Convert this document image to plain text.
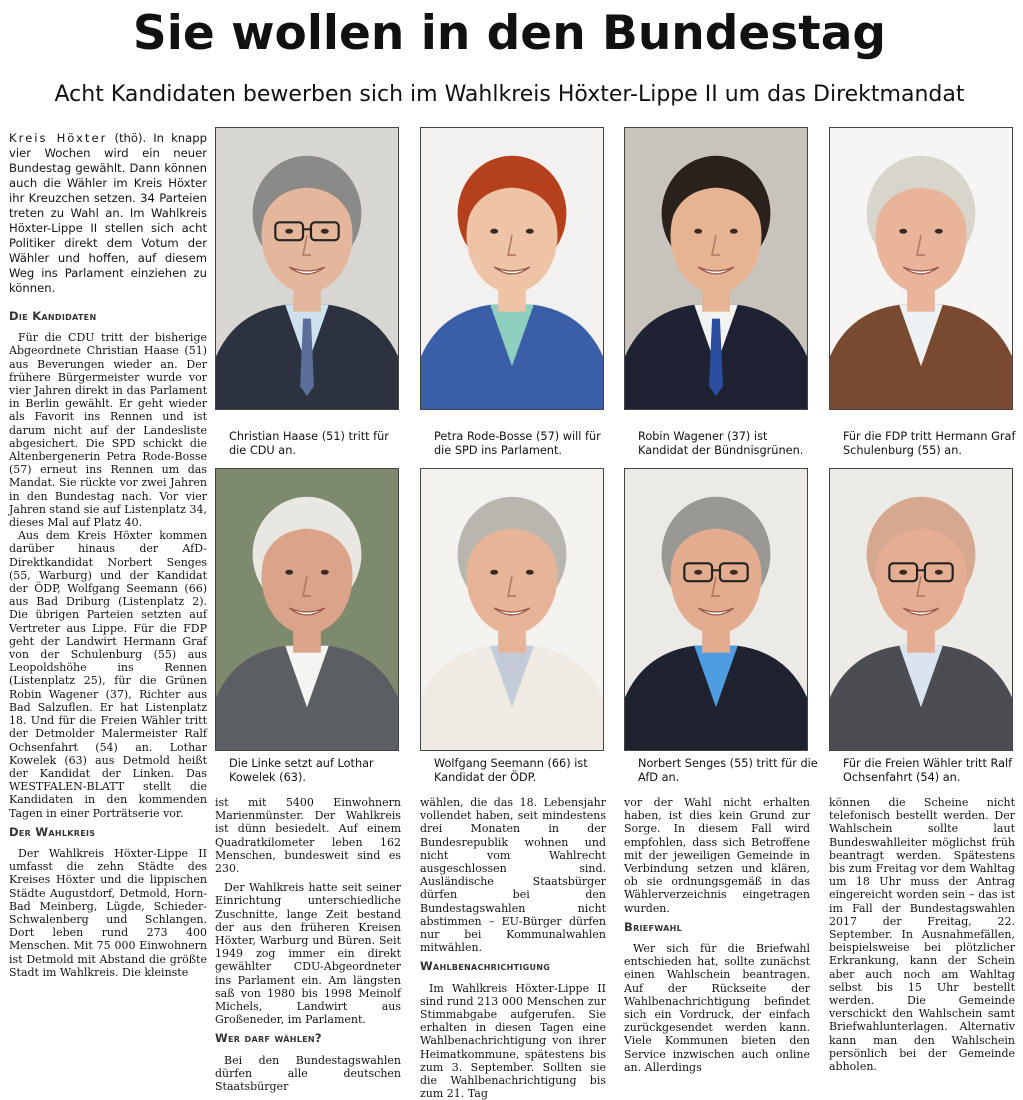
Sie wollen in den Bundestag
Acht Kandidaten bewerben sich im Wahlkreis Höxter-Lippe II um das Direktmandat

Kreis Höxter (thö). In knapp vier Wochen wird ein neuer Bundestag gewählt. Dann können auch die Wähler im Kreis Höxter ihr Kreuzchen setzen. 34 Parteien treten zu Wahl an. Im Wahlkreis Höxter-Lippe II stellen sich acht Politiker direkt dem Votum der Wähler und hoffen, auf diesem Weg ins Parlament einziehen zu können.

Die Kandidaten

Für die CDU tritt der bisherige Abgeordnete Christian Haase (51) aus Beverungen wieder an. Der frühere Bürgermeister wurde vor vier Jahren direkt in das Parlament in Berlin gewählt. Er geht wieder als Favorit ins Rennen und ist darum nicht auf der Landesliste abgesichert. Die SPD schickt die Altenbergenerin Petra Rode-Bosse (57) erneut ins Rennen um das Mandat. Sie rückte vor zwei Jahren in den Bundestag nach. Vor vier Jahren stand sie auf Listenplatz 34, dieses Mal auf Platz 40.

Aus dem Kreis Höxter kommen darüber hinaus der AfD-Direktkandidat Norbert Senges (55, Warburg) und der Kandidat der ÖDP, Wolfgang Seemann (66) aus Bad Driburg (Listenplatz 2). Die übrigen Parteien setzten auf Vertreter aus Lippe. Für die FDP geht der Landwirt Hermann Graf von der Schulenburg (55) aus Leopoldshöhe ins Rennen (Listenplatz 25), für die Grünen Robin Wagener (37), Richter aus Bad Salzuflen. Er hat Listenplatz 18. Und für die Freien Wähler tritt der Detmolder Malermeister Ralf Ochsenfahrt (54) an. Lothar Kowelek (63) aus Detmold heißt der Kandidat der Linken. Das WESTFALEN-BLATT stellt die Kandidaten in den kommenden Tagen in einer Porträtserie vor.

Der Wahlkreis

Der Wahlkreis Höxter-Lippe II umfasst die zehn Städte des Kreises Höxter und die lippischen Städte Augustdorf, Detmold, Horn-Bad Meinberg, Lügde, Schieder-Schwalenberg und Schlangen. Dort leben rund 273 400 Menschen. Mit 75 000 Einwohnern ist Detmold mit Abstand die größte Stadt im Wahlkreis. Die kleinste

Christian Haase (51) tritt für die CDU an.
Petra Rode-Bosse (57) will für die SPD ins Parlament.
Robin Wagener (37) ist Kandidat der Bündnisgrünen.
Für die FDP tritt Hermann Graf Schulenburg (55) an.
Die Linke setzt auf Lothar Kowelek (63).
Wolfgang Seemann (66) ist Kandidat der ÖDP.
Norbert Senges (55) tritt für die AfD an.
Für die Freien Wähler tritt Ralf Ochsenfahrt (54) an.

ist mit 5400 Einwohnern Marienmünster. Der Wahlkreis ist dünn besiedelt. Auf einem Quadratkilometer leben 162 Menschen, bundesweit sind es 230.

Der Wahlkreis hatte seit seiner Einrichtung unterschiedliche Zuschnitte, lange Zeit bestand der aus den früheren Kreisen Höxter, Warburg und Büren. Seit 1949 zog immer ein direkt gewählter CDU-Abgeordneter ins Parlament ein. Am längsten saß von 1980 bis 1998 Meinolf Michels, Landwirt aus Großeneder, im Parlament.

Wer darf wählen?

Bei den Bundestagswahlen dürfen alle deutschen Staatsbürger

wählen, die das 18. Lebensjahr vollendet haben, seit mindestens drei Monaten in der Bundesrepublik wohnen und nicht vom Wahlrecht ausgeschlossen sind. Ausländische Staatsbürger dürfen bei den Bundestagswahlen nicht abstimmen – EU-Bürger dürfen nur bei Kommunalwahlen mitwählen.

Wahlbenachrichtigung

Im Wahlkreis Höxter-Lippe II sind rund 213 000 Menschen zur Stimmabgabe aufgerufen. Sie erhalten in diesen Tagen eine Wahlbenachrichtigung von ihrer Heimatkommune, spätestens bis zum 3. September. Sollten sie die Wahlbenachrichtigung bis zum 21. Tag

vor der Wahl nicht erhalten haben, ist dies kein Grund zur Sorge. In diesem Fall wird empfohlen, dass sich Betroffene mit der jeweiligen Gemeinde in Verbindung setzen und klären, ob sie ordnungsgemäß in das Wählerverzeichnis eingetragen wurden.

Briefwahl

Wer sich für die Briefwahl entschieden hat, sollte zunächst einen Wahlschein beantragen. Auf der Rückseite der Wahlbenachrichtigung befindet sich ein Vordruck, der einfach zurückgesendet werden kann. Viele Kommunen bieten den Service inzwischen auch online an. Allerdings

können die Scheine nicht telefonisch bestellt werden. Der Wahlschein sollte laut Bundeswahlleiter möglichst früh beantragt werden. Spätestens bis zum Freitag vor dem Wahltag um 18 Uhr muss der Antrag eingereicht worden sein – das ist im Fall der Bundestagswahlen 2017 der Freitag, 22. September. In Ausnahmefällen, beispielsweise bei plötzlicher Erkrankung, kann der Schein aber auch noch am Wahltag selbst bis 15 Uhr bestellt werden. Die Gemeinde verschickt den Wahlschein samt Briefwahlunterlagen. Alternativ kann man den Wahlschein persönlich bei der Gemeinde abholen.
